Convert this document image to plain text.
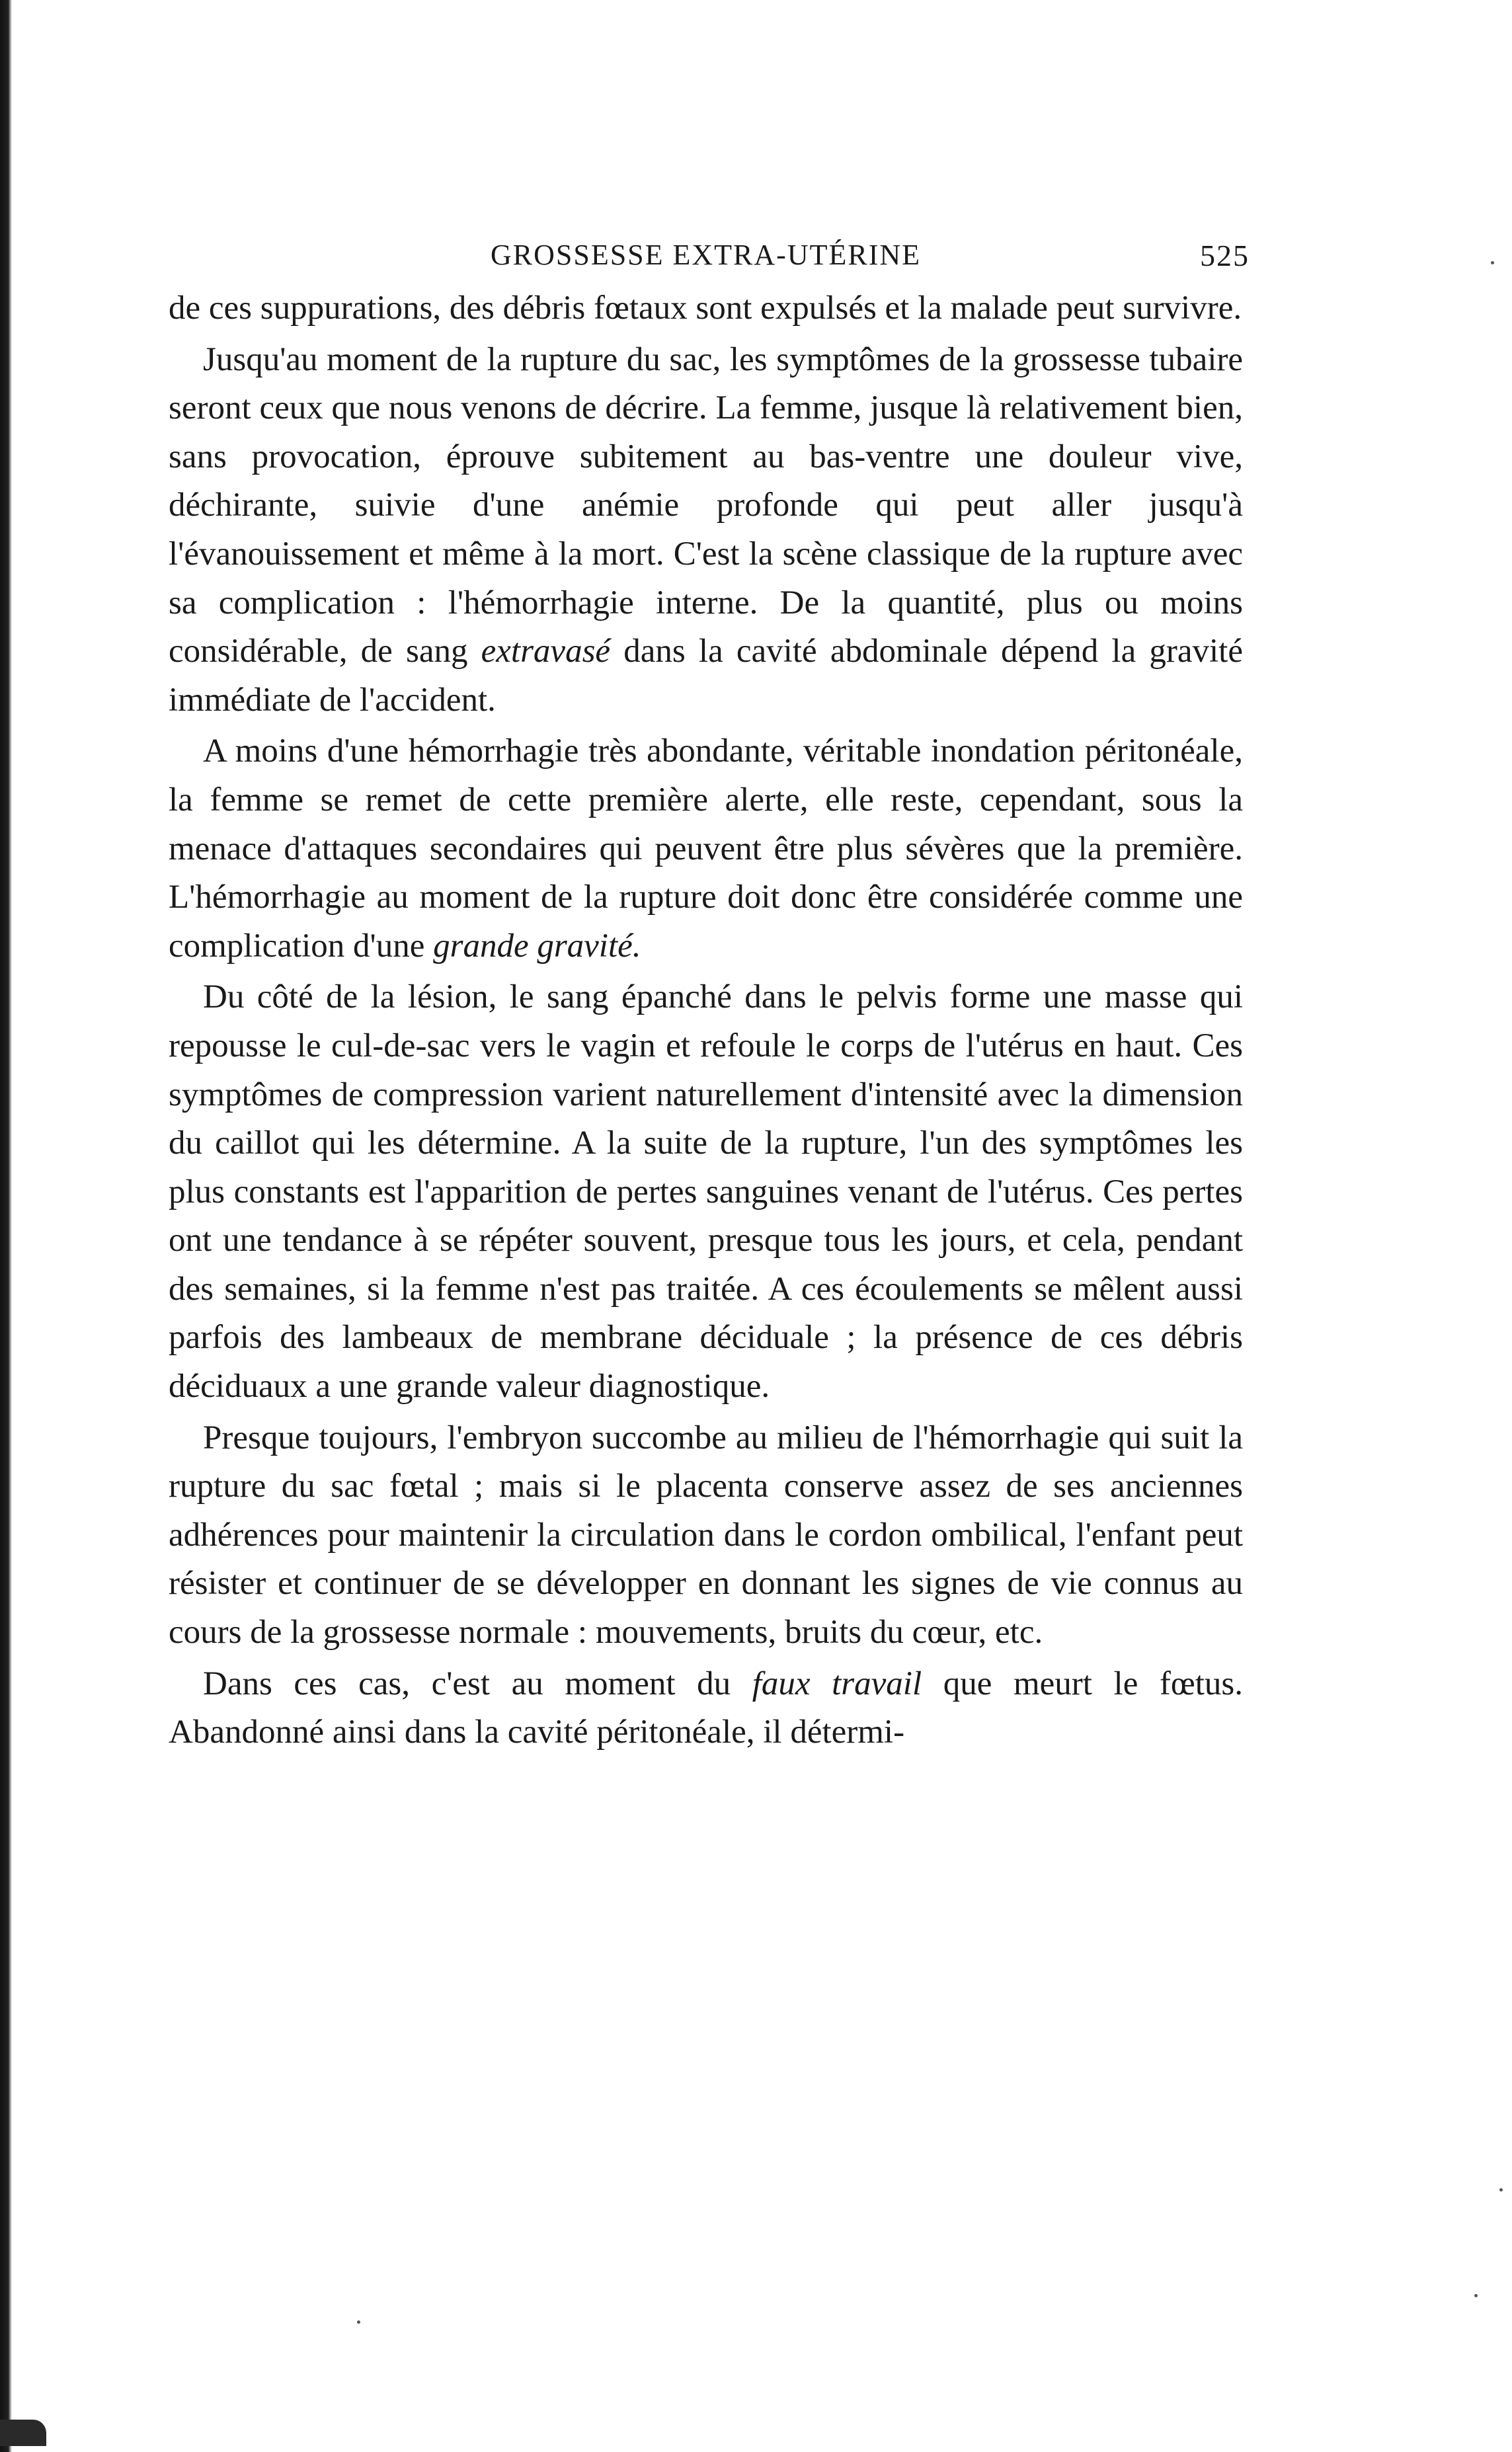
GROSSESSE EXTRA-UTÉRINE	525

de ces suppurations, des débris fœtaux sont expulsés et la malade peut survivre.

Jusqu'au moment de la rupture du sac, les symptômes de la grossesse tubaire seront ceux que nous venons de décrire. La femme, jusque là relativement bien, sans provocation, éprouve subitement au bas-ventre une douleur vive, déchirante, suivie d'une anémie profonde qui peut aller jusqu'à l'évanouissement et même à la mort. C'est la scène classique de la rupture avec sa complication : l'hémorrhagie interne. De la quantité, plus ou moins considérable, de sang extravasé dans la cavité abdominale dépend la gravité immédiate de l'accident.

A moins d'une hémorrhagie très abondante, véritable inondation péritonéale, la femme se remet de cette première alerte, elle reste, cependant, sous la menace d'attaques secondaires qui peuvent être plus sévères que la première. L'hémorrhagie au moment de la rupture doit donc être considérée comme une complication d'une grande gravité.

Du côté de la lésion, le sang épanché dans le pelvis forme une masse qui repousse le cul-de-sac vers le vagin et refoule le corps de l'utérus en haut. Ces symptômes de compression varient naturellement d'intensité avec la dimension du caillot qui les détermine. A la suite de la rupture, l'un des symptômes les plus constants est l'apparition de pertes sanguines venant de l'utérus. Ces pertes ont une tendance à se répéter souvent, presque tous les jours, et cela, pendant des semaines, si la femme n'est pas traitée. A ces écoulements se mêlent aussi parfois des lambeaux de membrane déciduale ; la présence de ces débris déciduaux a une grande valeur diagnostique.

Presque toujours, l'embryon succombe au milieu de l'hémorrhagie qui suit la rupture du sac fœtal ; mais si le placenta conserve assez de ses anciennes adhérences pour maintenir la circulation dans le cordon ombilical, l'enfant peut résister et continuer de se développer en donnant les signes de vie connus au cours de la grossesse normale : mouvements, bruits du cœur, etc.

Dans ces cas, c'est au moment du faux travail que meurt le fœtus. Abandonné ainsi dans la cavité péritonéale, il détermi-
